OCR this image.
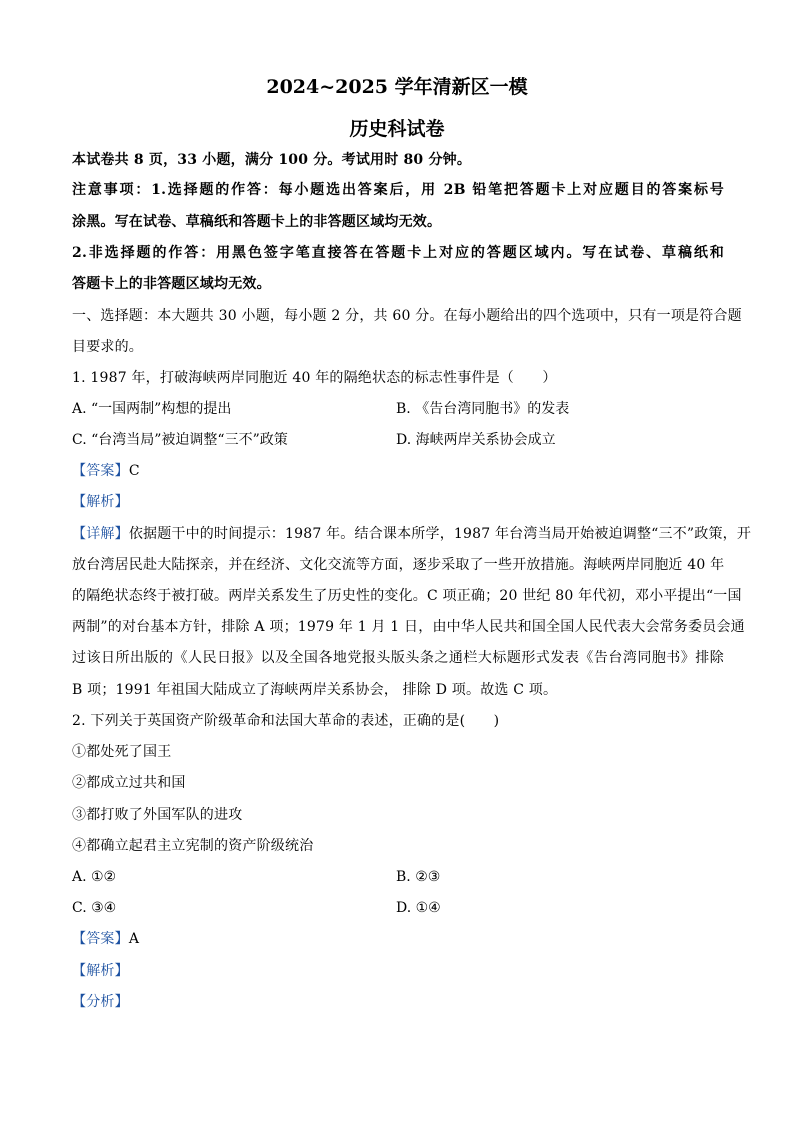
2024~2025 学年清新区一模
历史科试卷
本试卷共 8 页，33 小题，满分 100 分。考试用时 80 分钟。
注意事项：1.选择题的作答：每小题选出答案后，用 2B 铅笔把答题卡上对应题目的答案标号
涂黑。写在试卷、草稿纸和答题卡上的非答题区域均无效。
2.非选择题的作答：用黑色签字笔直接答在答题卡上对应的答题区域内。写在试卷、草稿纸和
答题卡上的非答题区域均无效。
一、选择题：本大题共 30 小题，每小题 2 分，共 60 分。在每小题给出的四个选项中，只有一项是符合题
目要求的。
1. 1987 年，打破海峡两岸同胞近 40 年的隔绝状态的标志性事件是（　　）
A. “一国两制”构想的提出	B. 《告台湾同胞书》的发表
C. “台湾当局”被迫调整“三不”政策	D. 海峡两岸关系协会成立
【答案】C
【解析】
【详解】依据题干中的时间提示：1987 年。结合课本所学，1987 年台湾当局开始被迫调整“三不”政策，开
放台湾居民赴大陆探亲，并在经济、文化交流等方面，逐步采取了一些开放措施。海峡两岸同胞近 40 年
的隔绝状态终于被打破。两岸关系发生了历史性的变化。C 项正确；20 世纪 80 年代初，邓小平提出“一国
两制”的对台基本方针，排除 A 项；1979 年 1 月 1 日，由中华人民共和国全国人民代表大会常务委员会通
过该日所出版的《人民日报》以及全国各地党报头版头条之通栏大标题形式发表《告台湾同胞书》排除
B 项；1991 年祖国大陆成立了海峡两岸关系协会， 排除 D 项。故选 C 项。
2. 下列关于英国资产阶级革命和法国大革命的表述，正确的是(　　)
①都处死了国王
②都成立过共和国
③都打败了外国军队的进攻
④都确立起君主立宪制的资产阶级统治
A. ①②	B. ②③
C. ③④	D. ①④
【答案】A
【解析】
【分析】
